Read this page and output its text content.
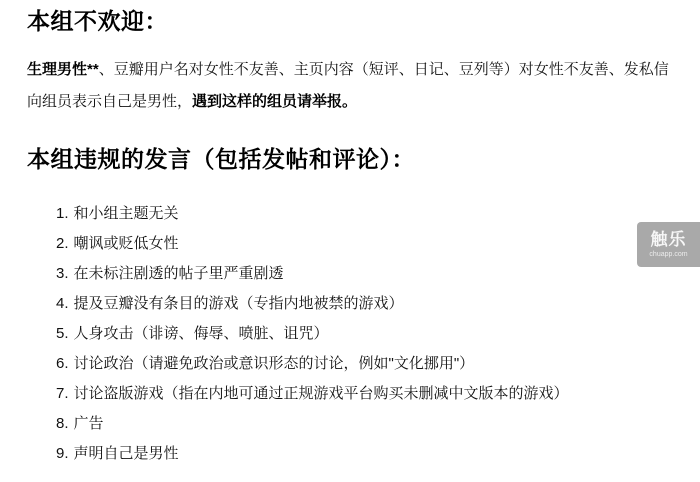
本组不欢迎：

生理男性**、豆瓣用户名对女性不友善、主页内容（短评、日记、豆列等）对女性不友善、发私信向组员表示自己是男性，遇到这样的组员请举报。

本组违规的发言（包括发帖和评论）：
1. 和小组主题无关
2. 嘲讽或贬低女性
3. 在未标注剧透的帖子里严重剧透
4. 提及豆瓣没有条目的游戏（专指内地被禁的游戏）
5. 人身攻击（诽谤、侮辱、喷脏、诅咒）
6. 讨论政治（请避免政治或意识形态的讨论，例如"文化挪用"）
7. 讨论盗版游戏（指在内地可通过正规游戏平台购买未删减中文版本的游戏）
8. 广告
9. 声明自己是男性
触乐
chuapp.com
